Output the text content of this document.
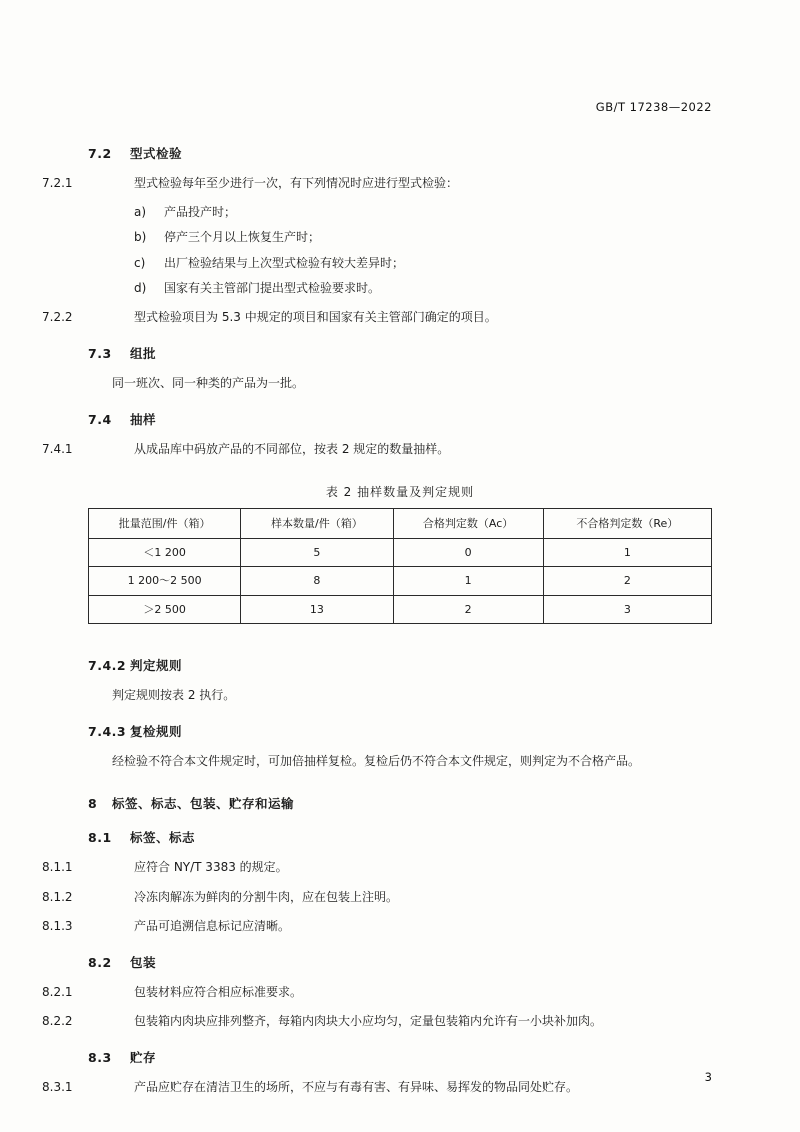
GB/T 17238—2022
7.2 型式检验
7.2.1	型式检验每年至少进行一次，有下列情况时应进行型式检验：
a) 产品投产时；
b) 停产三个月以上恢复生产时；
c) 出厂检验结果与上次型式检验有较大差异时；
d) 国家有关主管部门提出型式检验要求时。
7.2.2	型式检验项目为 5.3 中规定的项目和国家有关主管部门确定的项目。
7.3 组批
同一班次、同一种类的产品为一批。
7.4 抽样
7.4.1	从成品库中码放产品的不同部位，按表 2 规定的数量抽样。
表 2 抽样数量及判定规则
批量范围/件（箱）	样本数量/件（箱）	合格判定数（Ac）	不合格判定数（Re）
＜1 200	5	0	1
1 200～2 500	8	1	2
＞2 500	13	2	3
7.4.2 判定规则
判定规则按表 2 执行。
7.4.3 复检规则
经检验不符合本文件规定时，可加倍抽样复检。复检后仍不符合本文件规定，则判定为不合格产品。
8 标签、标志、包装、贮存和运输
8.1 标签、标志
8.1.1	应符合 NY/T 3383 的规定。
8.1.2	冷冻肉解冻为鲜肉的分割牛肉，应在包装上注明。
8.1.3	产品可追溯信息标记应清晰。
8.2 包装
8.2.1	包装材料应符合相应标准要求。
8.2.2	包装箱内肉块应排列整齐，每箱内肉块大小应均匀，定量包装箱内允许有一小块补加肉。
8.3 贮存
8.3.1	产品应贮存在清洁卫生的场所，不应与有毒有害、有异味、易挥发的物品同处贮存。
3
